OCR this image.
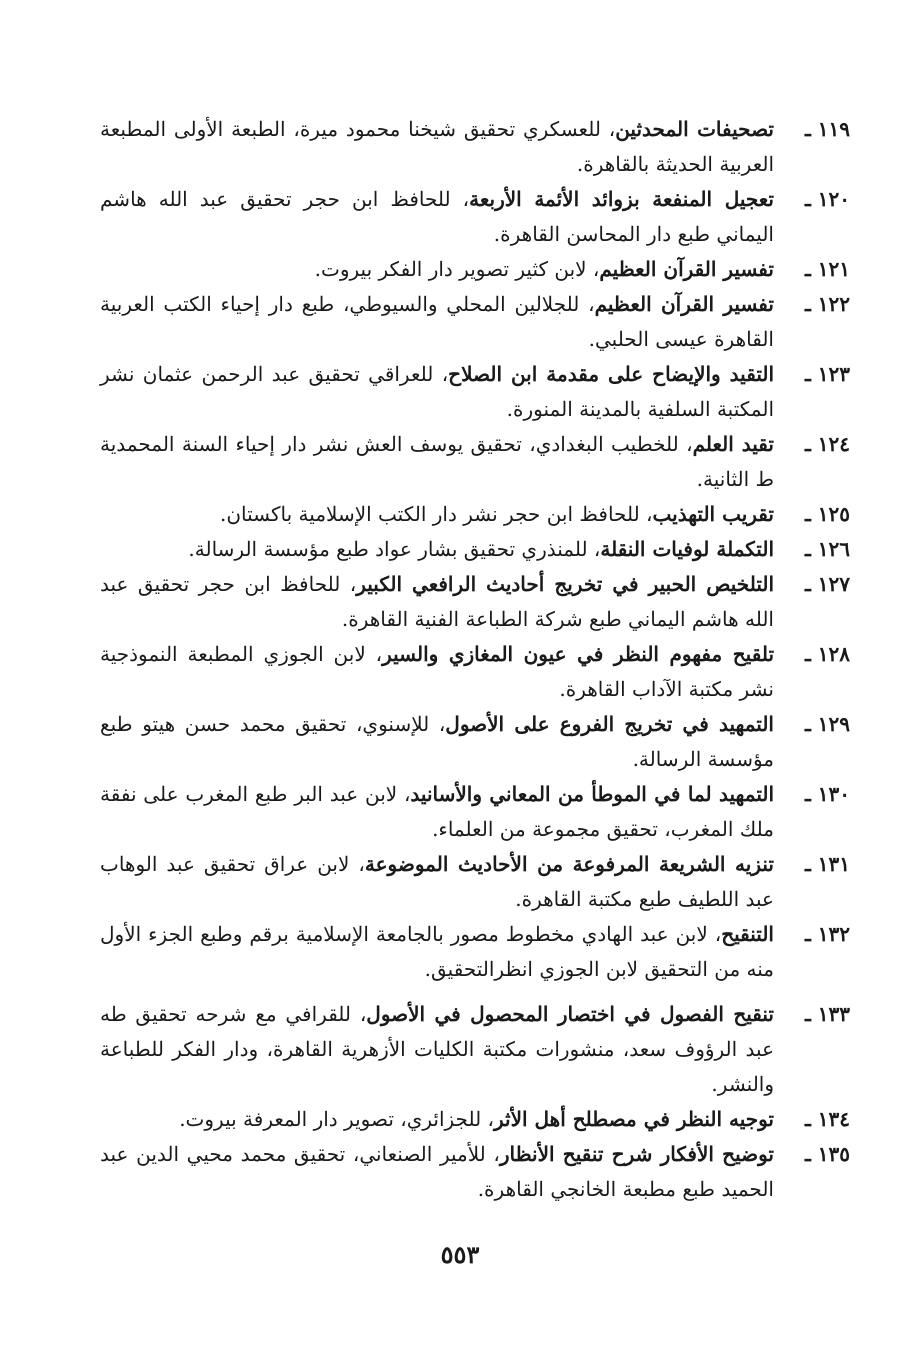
١١٩ ـ
تصحيفات المحدثين، للعسكري تحقيق شيخنا محمود ميرة، الطبعة الأولى المطبعة العربية الحديثة بالقاهرة.
١٢٠ ـ
تعجيل المنفعة بزوائد الأئمة الأربعة، للحافظ ابن حجر تحقيق عبد الله هاشم اليماني طبع دار المحاسن القاهرة.
١٢١ ـ
تفسير القرآن العظيم، لابن كثير تصوير دار الفكر بيروت.
١٢٢ ـ
تفسير القرآن العظيم، للجلالين المحلي والسيوطي، طبع دار إحياء الكتب العربية القاهرة عيسى الحلبي.
١٢٣ ـ
التقيد والإيضاح على مقدمة ابن الصلاح، للعراقي تحقيق عبد الرحمن عثمان نشر المكتبة السلفية بالمدينة المنورة.
١٢٤ ـ
تقيد العلم، للخطيب البغدادي، تحقيق يوسف العش نشر دار إحياء السنة المحمدية ط الثانية.
١٢٥ ـ
تقريب التهذيب، للحافظ ابن حجر نشر دار الكتب الإسلامية باكستان.
١٢٦ ـ
التكملة لوفيات النقلة، للمنذري تحقيق بشار عواد طبع مؤسسة الرسالة.
١٢٧ ـ
التلخيص الحبير في تخريج أحاديث الرافعي الكبير، للحافظ ابن حجر تحقيق عبد الله هاشم اليماني طبع شركة الطباعة الفنية القاهرة.
١٢٨ ـ
تلقيح مفهوم النظر في عيون المغازي والسير، لابن الجوزي المطبعة النموذجية نشر مكتبة الآداب القاهرة.
١٢٩ ـ
التمهيد في تخريج الفروع على الأصول، للإسنوي، تحقيق محمد حسن هيتو طبع مؤسسة الرسالة.
١٣٠ ـ
التمهيد لما في الموطأ من المعاني والأسانيد، لابن عبد البر طبع المغرب على نفقة ملك المغرب، تحقيق مجموعة من العلماء.
١٣١ ـ
تنزيه الشريعة المرفوعة من الأحاديث الموضوعة، لابن عراق تحقيق عبد الوهاب عبد اللطيف طبع مكتبة القاهرة.
١٣٢ ـ
التنقيح، لابن عبد الهادي مخطوط مصور بالجامعة الإسلامية برقم وطبع الجزء الأول منه من التحقيق لابن الجوزي انظرالتحقيق.
١٣٣ ـ
تنقيح الفصول في اختصار المحصول في الأصول، للقرافي مع شرحه تحقيق طه عبد الرؤوف سعد، منشورات مكتبة الكليات الأزهرية القاهرة، ودار الفكر للطباعة والنشر.
١٣٤ ـ
توجيه النظر في مصطلح أهل الأثر، للجزائري، تصوير دار المعرفة بيروت.
١٣٥ ـ
توضيح الأفكار شرح تنقيح الأنظار، للأمير الصنعاني، تحقيق محمد محيي الدين عبد الحميد طبع مطبعة الخانجي القاهرة.
٥٥٣
